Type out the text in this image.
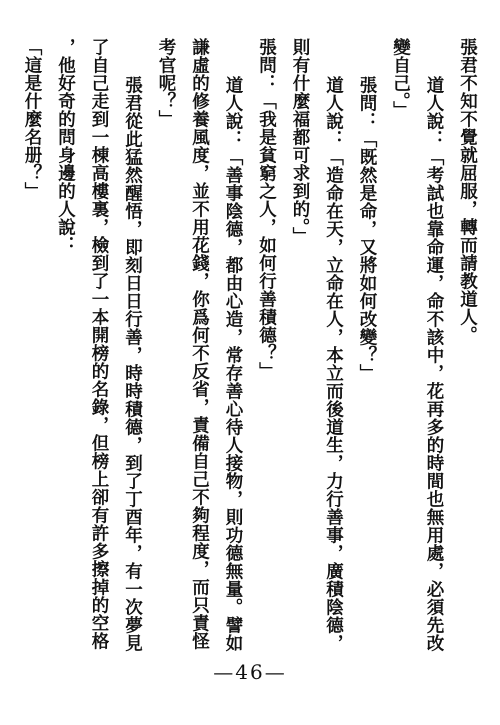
張君不知不覺就屈服，轉而請教道人。
　道人說：「考試也靠命運，命不該中，花再多的時間也無用處，必須先改
變自己。」
　張問：「既然是命，又將如何改變？」
　道人說：「造命在天，立命在人，本立而後道生，力行善事，廣積陰德，
則有什麼福都可求到的。」
張問：「我是貧窮之人，如何行善積德？」
　道人說：「善事陰德，都由心造，常存善心待人接物，則功德無量。譬如
謙虛的修養風度，並不用花錢，你爲何不反省，責備自己不夠程度，而只責怪
考官呢？」
　張君從此猛然醒悟，即刻日日行善，時時積德，到了丁酉年，有一次夢見
了自己走到一棟高樓裏，檢到了一本開榜的名錄，但榜上卻有許多擦掉的空格
，他好奇的問身邊的人說：
—46—
「這是什麼名册？」
